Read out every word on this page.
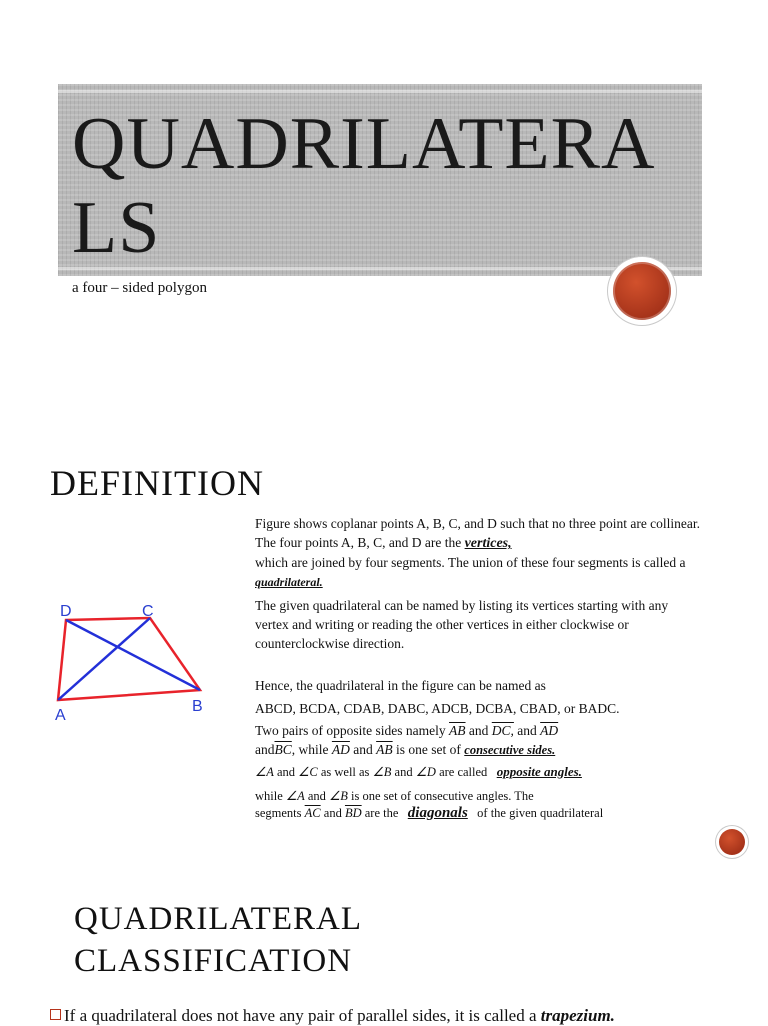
QUADRILATERALS
a four – sided polygon
DEFINITION
D	C
A
B
Figure shows coplanar points A, B, C, and D such that no three point are collinear. The four points A, B, C, and D are the vertices,
which are joined by four segments. The union of these four segments is called a quadrilateral.
The given quadrilateral can be named by listing its vertices starting with any vertex and writing or reading the other vertices in either clockwise or counterclockwise direction.
Hence, the quadrilateral in the figure can be named as
ABCD, BCDA, CDAB, DABC, ADCB, DCBA, CBAD, or BADC.
Two pairs of opposite sides namely $\overline{AB}$ and DC, and $\overline{AD}$
$and\overline{BC}$, while $\overline{AD}$ and $\overline{AB}$ is one set of consecutive sides.
∠A and ∠C as well as ∠B and ∠D are called opposite angles.
while ∠A and ∠B is one set of consecutive angles. The
segments $\overline{AC}$ and $\overline{BD}$ are the diagonals of the given quadrilateral
QUADRILATERAL CLASSIFICATION
If a quadrilateral does not have any pair of parallel sides, it is called a trapezium.
